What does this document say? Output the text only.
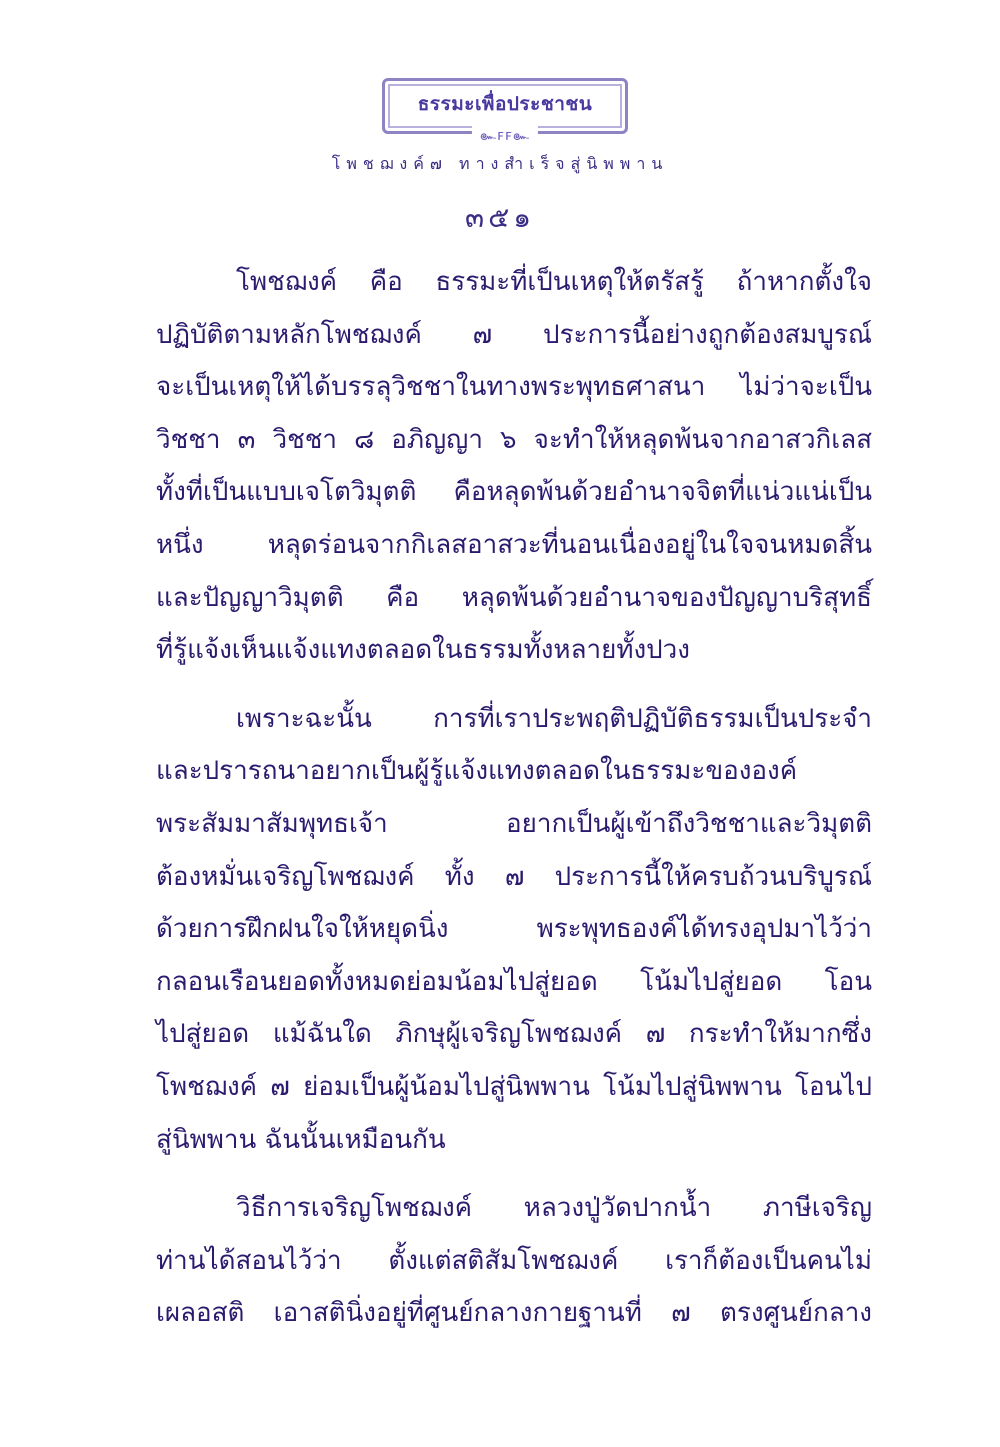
ธรรมะเพื่อประชาชน
๛ꜰꜰ๛
โพชฌงค์๗ ทางสำเร็จสู่นิพพาน
๓๕๑

โพชฌงค์ คือ ธรรมะที่เป็นเหตุให้ตรัสรู้ ถ้าหากตั้งใจ
ปฏิบัติตามหลักโพชฌงค์ ๗ ประการนี้อย่างถูกต้องสมบูรณ์
จะเป็นเหตุให้ได้บรรลุวิชชาในทางพระพุทธศาสนา ไม่ว่าจะเป็น
วิชชา ๓ วิชชา ๘ อภิญญา ๖ จะทำให้หลุดพ้นจากอาสวกิเลส
ทั้งที่เป็นแบบเจโตวิมุตติ คือหลุดพ้นด้วยอำนาจจิตที่แน่วแน่เป็น
หนึ่ง หลุดร่อนจากกิเลสอาสวะที่นอนเนื่องอยู่ในใจจนหมดสิ้น
และปัญญาวิมุตติ คือ หลุดพ้นด้วยอำนาจของปัญญาบริสุทธิ์
ที่รู้แจ้งเห็นแจ้งแทงตลอดในธรรมทั้งหลายทั้งปวง

เพราะฉะนั้น การที่เราประพฤติปฏิบัติธรรมเป็นประจำ
และปรารถนาอยากเป็นผู้รู้แจ้งแทงตลอดในธรรมะขององค์
พระสัมมาสัมพุทธเจ้า อยากเป็นผู้เข้าถึงวิชชาและวิมุตติ
ต้องหมั่นเจริญโพชฌงค์ ทั้ง ๗ ประการนี้ให้ครบถ้วนบริบูรณ์
ด้วยการฝึกฝนใจให้หยุดนิ่ง พระพุทธองค์ได้ทรงอุปมาไว้ว่า
กลอนเรือนยอดทั้งหมดย่อมน้อมไปสู่ยอด โน้มไปสู่ยอด โอน
ไปสู่ยอด แม้ฉันใด ภิกษุผู้เจริญโพชฌงค์ ๗ กระทำให้มากซึ่ง
โพชฌงค์ ๗ ย่อมเป็นผู้น้อมไปสู่นิพพาน โน้มไปสู่นิพพาน โอนไป
สู่นิพพาน ฉันนั้นเหมือนกัน

วิธีการเจริญโพชฌงค์ หลวงปู่วัดปากน้ำ ภาษีเจริญ
ท่านได้สอนไว้ว่า ตั้งแต่สติสัมโพชฌงค์ เราก็ต้องเป็นคนไม่
เผลอสติ เอาสตินิ่งอยู่ที่ศูนย์กลางกายฐานที่ ๗ ตรงศูนย์กลาง
